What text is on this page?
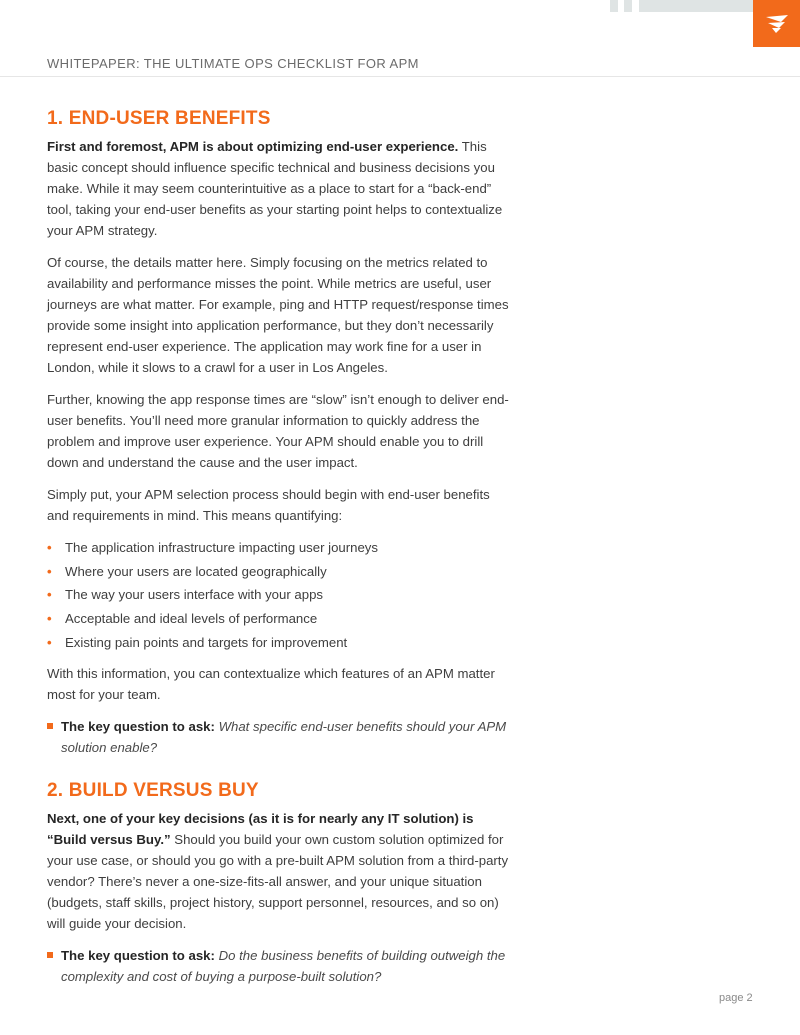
WHITEPAPER: THE ULTIMATE OPS CHECKLIST FOR APM
1. END-USER BENEFITS

First and foremost, APM is about optimizing end-user experience. This basic concept should influence specific technical and business decisions you make. While it may seem counterintuitive as a place to start for a “back-end” tool, taking your end-user benefits as your starting point helps to contextualize your APM strategy.

Of course, the details matter here. Simply focusing on the metrics related to availability and performance misses the point. While metrics are useful, user journeys are what matter. For example, ping and HTTP request/response times provide some insight into application performance, but they don’t necessarily represent end-user experience. The application may work fine for a user in London, while it slows to a crawl for a user in Los Angeles.

Further, knowing the app response times are “slow” isn’t enough to deliver end-user benefits. You’ll need more granular information to quickly address the problem and improve user experience. Your APM should enable you to drill down and understand the cause and the user impact.

Simply put, your APM selection process should begin with end-user benefits and requirements in mind. This means quantifying:

• The application infrastructure impacting user journeys
• Where your users are located geographically
• The way your users interface with your apps
• Acceptable and ideal levels of performance
• Existing pain points and targets for improvement

With this information, you can contextualize which features of an APM matter most for your team.

The key question to ask: What specific end-user benefits should your APM solution enable?
2. BUILD VERSUS BUY

Next, one of your key decisions (as it is for nearly any IT solution) is “Build versus Buy.” Should you build your own custom solution optimized for your use case, or should you go with a pre-built APM solution from a third-party vendor? There’s never a one-size-fits-all answer, and your unique situation (budgets, staff skills, project history, support personnel, resources, and so on) will guide your decision.

The key question to ask: Do the business benefits of building outweigh the complexity and cost of buying a purpose-built solution?
page 2
